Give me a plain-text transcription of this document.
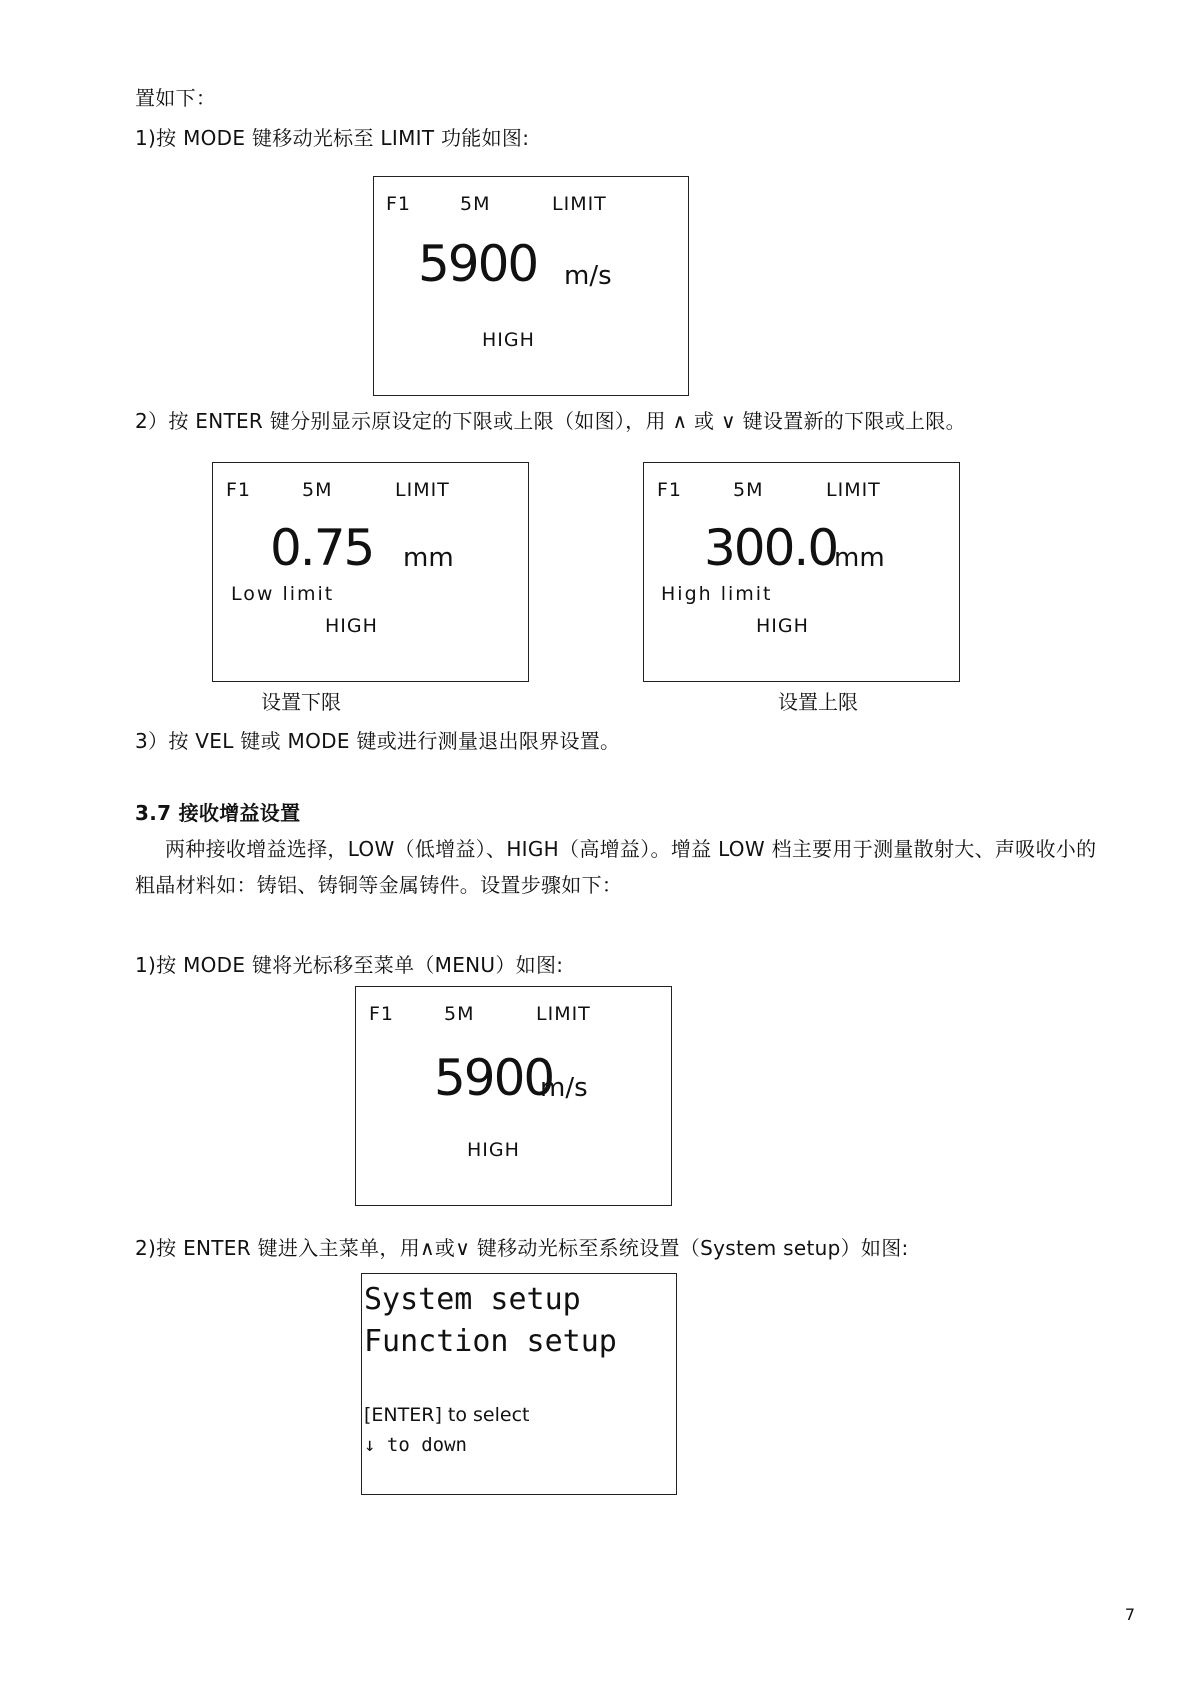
置如下：
1)按 MODE 键移动光标至 LIMIT 功能如图:
F1	5M	LIMIT
5900 m/s
HIGH
2）按 ENTER 键分别显示原设定的下限或上限（如图），用 ∧ 或 ∨ 键设置新的下限或上限。
F1	5M	LIMIT
0.75 mm
Low limit
HIGH
F1	5M	LIMIT
300.0
mm
High limit
HIGH
设置下限	设置上限
3）按 VEL 键或 MODE 键或进行测量退出限界设置。
3.7 接收增益设置
两种接收增益选择，LOW（低增益）、HIGH（高增益）。增益 LOW 档主要用于测量散射大、声吸收小的
粗晶材料如：铸铝、铸铜等金属铸件。设置步骤如下：
1)按 MODE 键将光标移至菜单（MENU）如图:
F1	5M	LIMIT
5900
m/s
HIGH
2)按 ENTER 键进入主菜单，用∧或∨ 键移动光标至系统设置（System setup）如图:
System setup
Function setup
[ENTER] to select
↓ to down
7
